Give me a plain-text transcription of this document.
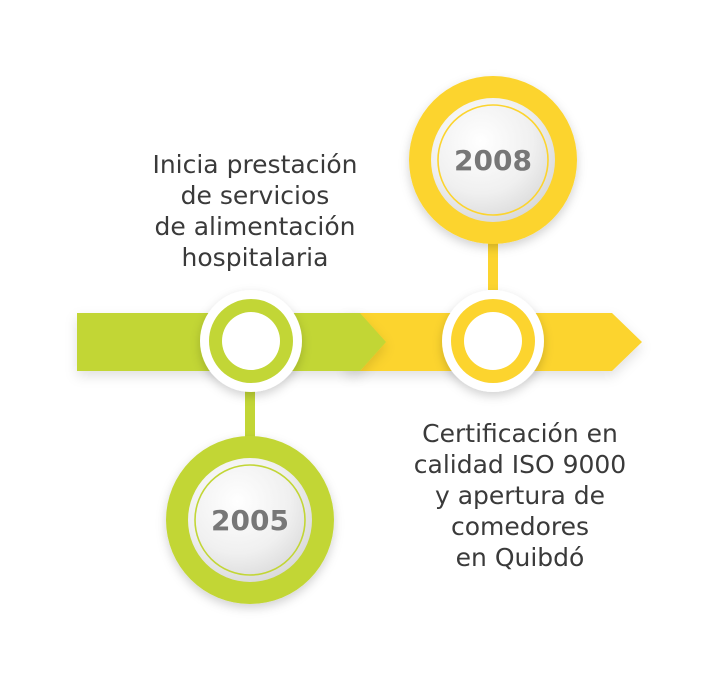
2005
2008
Inicia prestación
de servicios
de alimentación
hospitalaria
Certificación en
calidad ISO 9000
y apertura de
comedores
en Quibdó
